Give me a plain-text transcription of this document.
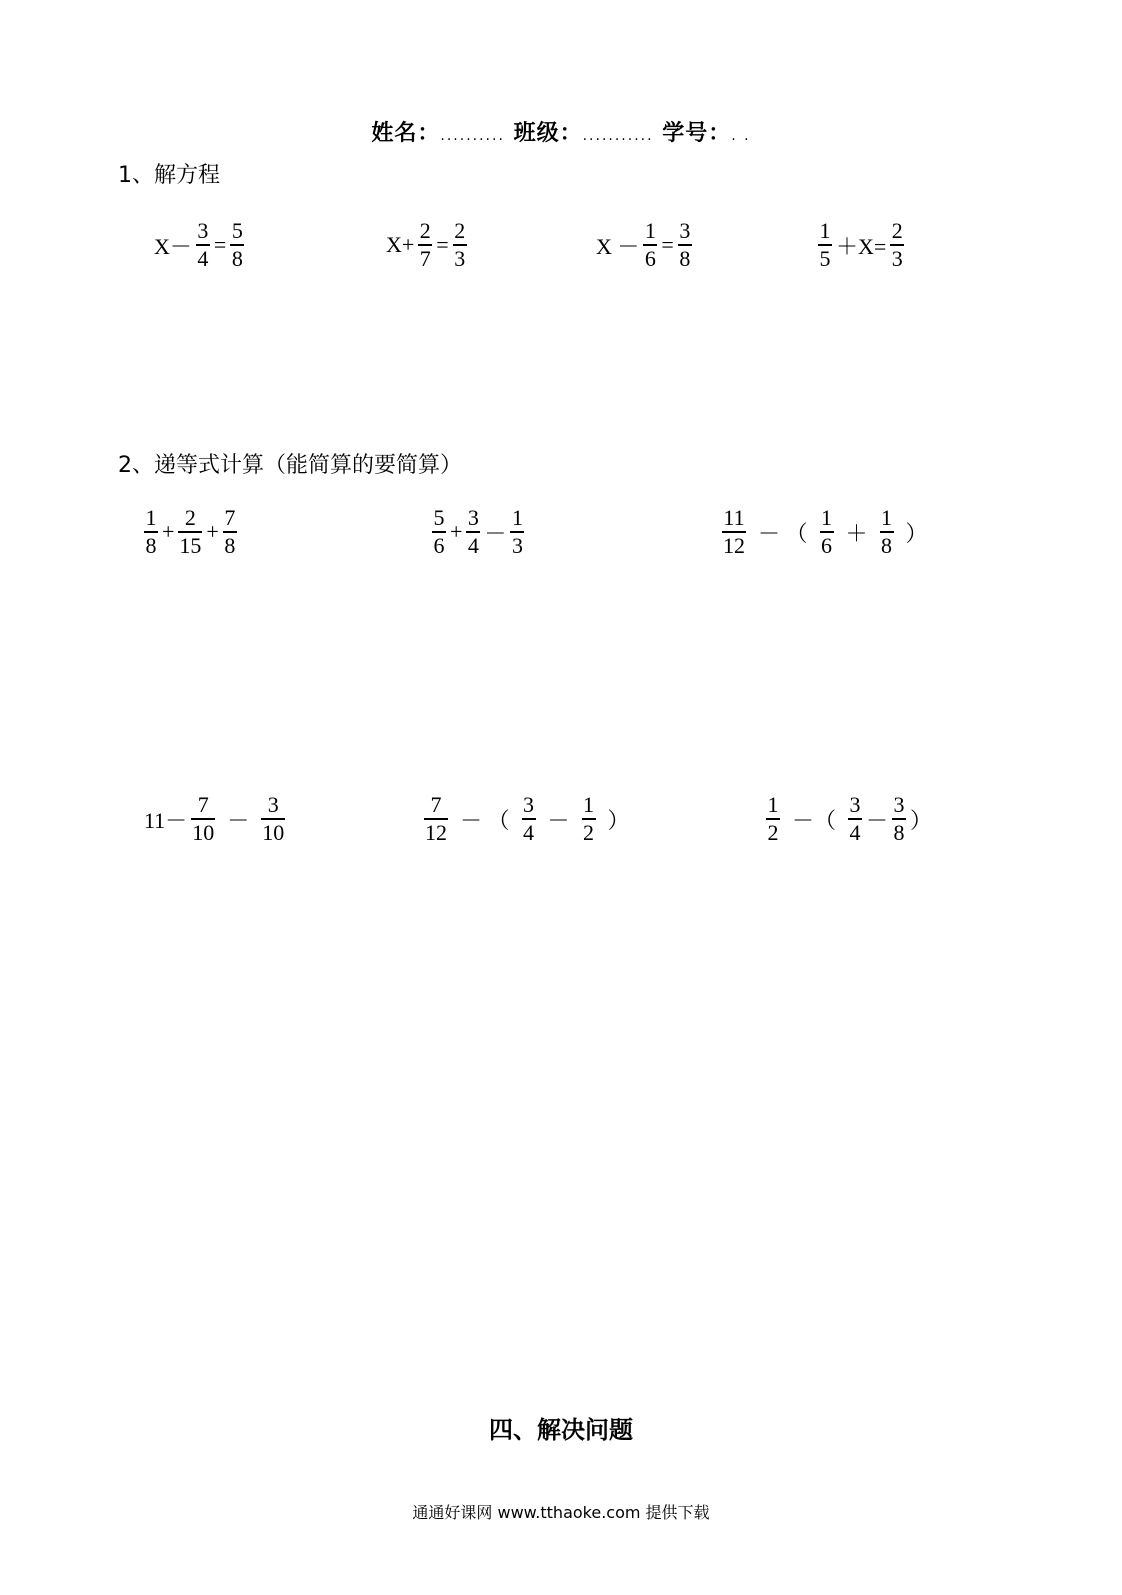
姓名：.......... 班级：........... 学号：. .
1、解方程
$X- \frac{3}{4} = \frac{5}{8}$	$X+ \frac{2}{7} = \frac{2}{3}$	$X - \frac{1}{6} = \frac{3}{8}$	$\frac{1}{5} +X= \frac{2}{3}$
2、递等式计算（能简算的要简算）
$\frac{1}{8} + \frac{2}{15} + \frac{7}{8}$	$\frac{5}{6} + \frac{3}{4} - \frac{1}{3}$	$\frac{11}{12}$ － （ $\frac{1}{6} + \frac{1}{8}$ ）
$11- \frac{7}{10} - \frac{3}{10}$	$\frac{7}{12}$ － （ $\frac{3}{4} - \frac{1}{2}$ ）	$\frac{1}{2}$ －（ $\frac{3}{4} - \frac{3}{8}$ ）
四、解决问题
通通好课网 www.tthaoke.com 提供下载
